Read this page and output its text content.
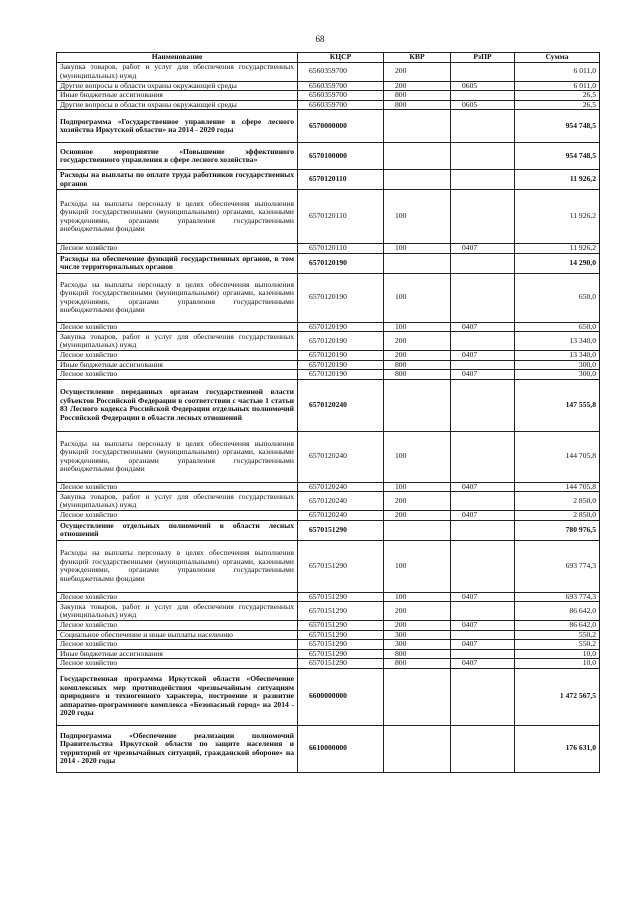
68
Наименование	КЦСР	КВР	РзПР	Сумма
Закупка товаров, работ и услуг для обеспечения государственных (муниципальных) нужд	6560359700	200		6 011,0
Другие вопросы в области охраны окружающей среды	6560359700	200	0605	6 011,0
Иные бюджетные ассигнования	6560359700	800		26,5
Другие вопросы в области охраны окружающей среды	6560359700	800	0605	26,5
Подпрограмма «Государственное управление в сфере лесного хозяйства Иркутской области» на 2014 - 2020 годы	6570000000			954 748,5
Основное мероприятие «Повышение эффективного государственного управления в сфере лесного хозяйства»	6570100000			954 748,5
Расходы на выплаты по оплате труда работников государственных органов	6570120110			11 926,2
Расходы на выплаты персоналу в целях обеспечения выполнения функций государственными (муниципальными) органами, казенными учреждениями, органами управления государственными внебюджетными фондами	6570120110	100		11 926,2
Лесное хозяйство	6570120110	100	0407	11 926,2
Расходы на обеспечение функций государственных органов, в том числе территориальных органов	6570120190			14 290,0
Расходы на выплаты персоналу в целях обеспечения выполнения функций государственными (муниципальными) органами, казенными учреждениями, органами управления государственными внебюджетными фондами	6570120190	100		650,0
Лесное хозяйство	6570120190	100	0407	650,0
Закупка товаров, работ и услуг для обеспечения государственных (муниципальных) нужд	6570120190	200		13 340,0
Лесное хозяйство	6570120190	200	0407	13 340,0
Иные бюджетные ассигнования	6570120190	800		300,0
Лесное хозяйство	6570120190	800	0407	300,0
Осуществление переданных органам государственной власти субъектов Российской Федерации в соответствии с частью 1 статьи 83 Лесного кодекса Российской Федерации отдельных полномочий Российской Федерации в области лесных отношений	6570120240			147 555,8
Расходы на выплаты персоналу в целях обеспечения выполнения функций государственными (муниципальными) органами, казенными учреждениями, органами управления государственными внебюджетными фондами	6570120240	100		144 705,8
Лесное хозяйство	6570120240	100	0407	144 705,8
Закупка товаров, работ и услуг для обеспечения государственных (муниципальных) нужд	6570120240	200		2 850,0
Лесное хозяйство	6570120240	200	0407	2 850,0
Осуществление отдельных полномочий в области лесных отношений	6570151290			780 976,5
Расходы на выплаты персоналу в целях обеспечения выполнения функций государственными (муниципальными) органами, казенными учреждениями, органами управления государственными внебюджетными фондами	6570151290	100		693 774,3
Лесное хозяйство	6570151290	100	0407	693 774,3
Закупка товаров, работ и услуг для обеспечения государственных (муниципальных) нужд	6570151290	200		86 642,0
Лесное хозяйство	6570151290	200	0407	86 642,0
Социальное обеспечение и иные выплаты населению	6570151290	300		550,2
Лесное хозяйство	6570151290	300	0407	550,2
Иные бюджетные ассигнования	6570151290	800		10,0
Лесное хозяйство	6570151290	800	0407	10,0
Государственная программа Иркутской области «Обеспечение комплексных мер противодействия чрезвычайным ситуациям природного и техногенного характера, построение и развитие аппаратно-программного комплекса «Безопасный город» на 2014 - 2020 годы	6600000000			1 472 567,5
Подпрограмма «Обеспечение реализации полномочий Правительства Иркутской области по защите населения и территорий от чрезвычайных ситуаций, гражданской обороне» на 2014 - 2020 годы	6610000000			176 631,0
